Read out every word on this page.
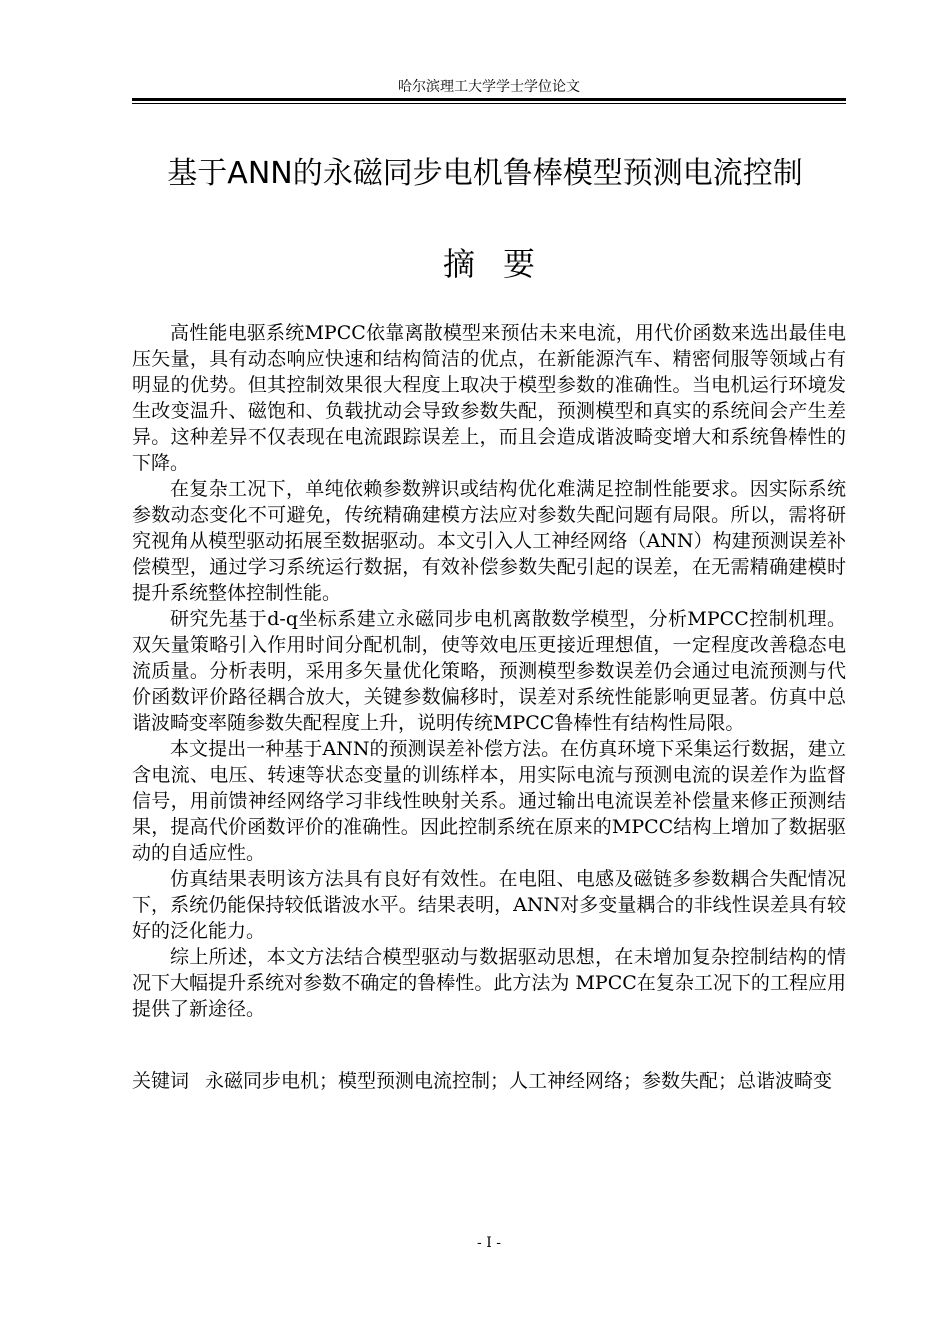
哈尔滨理工大学学士学位论文
基于ANN的永磁同步电机鲁棒模型预测电流控制
摘要

高性能电驱系统MPCC依靠离散模型来预估未来电流，用代价函数来选出最佳电压矢量，具有动态响应快速和结构简洁的优点，在新能源汽车、精密伺服等领域占有明显的优势。但其控制效果很大程度上取决于模型参数的准确性。当电机运行环境发生改变温升、磁饱和、负载扰动会导致参数失配，预测模型和真实的系统间会产生差异。这种差异不仅表现在电流跟踪误差上，而且会造成谐波畸变增大和系统鲁棒性的下降。

在复杂工况下，单纯依赖参数辨识或结构优化难满足控制性能要求。因实际系统参数动态变化不可避免，传统精确建模方法应对参数失配问题有局限。所以，需将研究视角从模型驱动拓展至数据驱动。本文引入人工神经网络（ANN）构建预测误差补偿模型，通过学习系统运行数据，有效补偿参数失配引起的误差，在无需精确建模时提升系统整体控制性能。

研究先基于d-q坐标系建立永磁同步电机离散数学模型，分析MPCC控制机理。双矢量策略引入作用时间分配机制，使等效电压更接近理想值，一定程度改善稳态电流质量。分析表明，采用多矢量优化策略，预测模型参数误差仍会通过电流预测与代价函数评价路径耦合放大，关键参数偏移时，误差对系统性能影响更显著。仿真中总谐波畸变率随参数失配程度上升，说明传统MPCC鲁棒性有结构性局限。

本文提出一种基于ANN的预测误差补偿方法。在仿真环境下采集运行数据，建立含电流、电压、转速等状态变量的训练样本，用实际电流与预测电流的误差作为监督信号，用前馈神经网络学习非线性映射关系。通过输出电流误差补偿量来修正预测结果，提高代价函数评价的准确性。因此控制系统在原来的MPCC结构上增加了数据驱动的自适应性。

仿真结果表明该方法具有良好有效性。在电阻、电感及磁链多参数耦合失配情况下，系统仍能保持较低谐波水平。结果表明，ANN对多变量耦合的非线性误差具有较好的泛化能力。

综上所述，本文方法结合模型驱动与数据驱动思想，在未增加复杂控制结构的情况下大幅提升系统对参数不确定的鲁棒性。此方法为 MPCC在复杂工况下的工程应用提供了新途径。

关键词 永磁同步电机；模型预测电流控制；人工神经网络；参数失配；总谐波畸变
- I -
